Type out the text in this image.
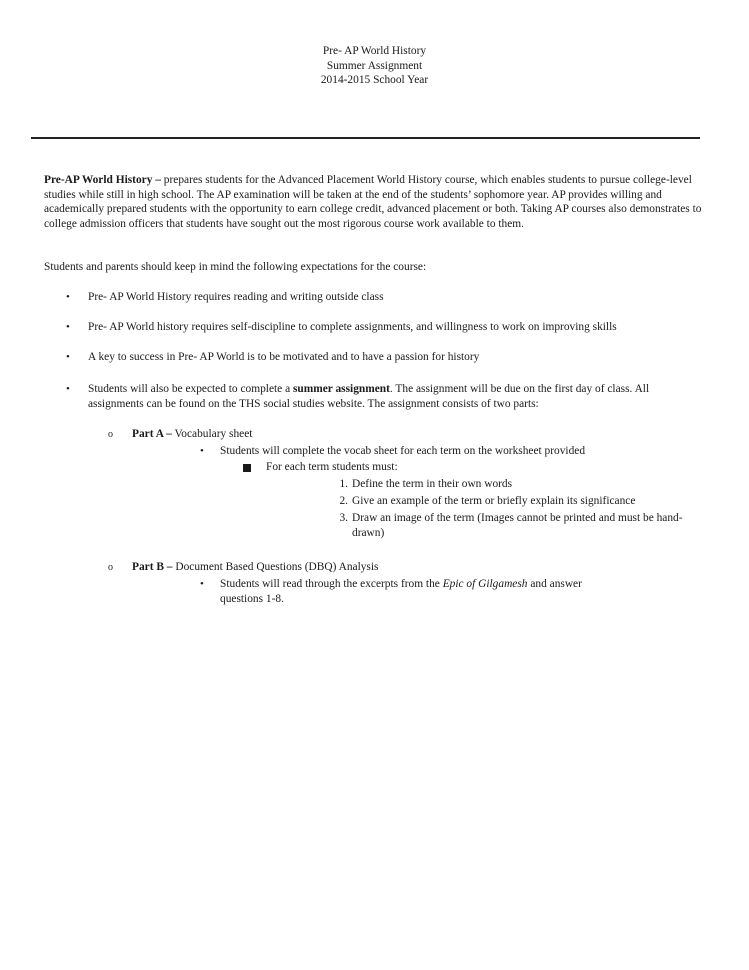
Pre- AP World History
Summer Assignment
2014-2015 School Year
Pre-AP World History – prepares students for the Advanced Placement World History course, which enables students to pursue college-level studies while still in high school. The AP examination will be taken at the end of the students’ sophomore year. AP provides willing and academically prepared students with the opportunity to earn college credit, advanced placement or both. Taking AP courses also demonstrates to college admission officers that students have sought out the most rigorous course work available to them.
Students and parents should keep in mind the following expectations for the course:
•	Pre- AP World History requires reading and writing outside class
•	Pre- AP World history requires self-discipline to complete assignments, and willingness to work on improving skills
•	A key to success in Pre- AP World is to be motivated and to have a passion for history
•	Students will also be expected to complete a summer assignment. The assignment will be due on the first day of class. All assignments can be found on the THS social studies website. The assignment consists of two parts:
o Part A – Vocabulary sheet
• Students will complete the vocab sheet for each term on the worksheet provided
For each term students must:
1. Define the term in their own words
2. Give an example of the term or briefly explain its significance
3. Draw an image of the term (Images cannot be printed and must be hand-drawn)
o Part B – Document Based Questions (DBQ) Analysis
• Students will read through the excerpts from the Epic of Gilgamesh and answer questions 1-8.
